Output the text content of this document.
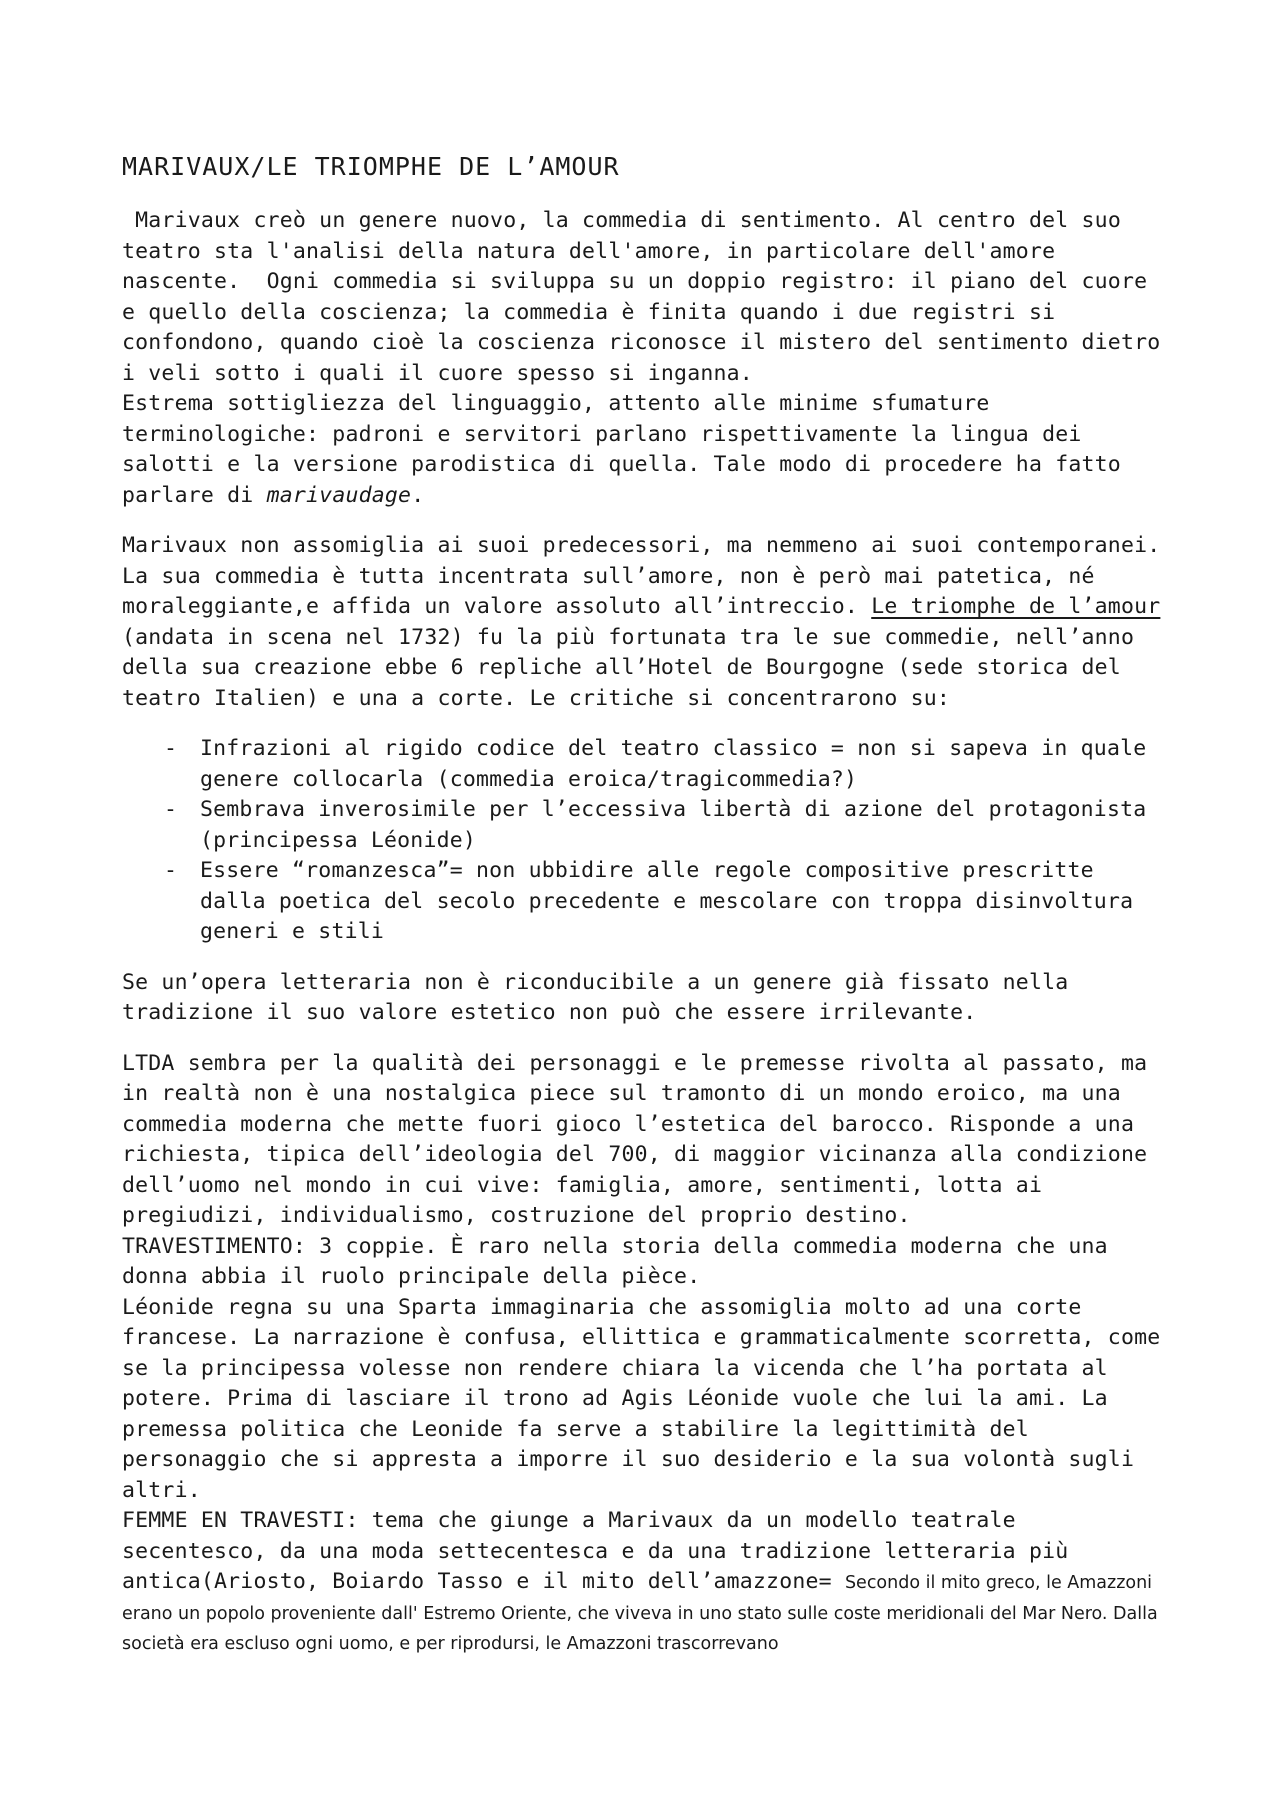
MARIVAUX/LE TRIOMPHE DE L’AMOUR

Marivaux creò un genere nuovo, la commedia di sentimento. Al centro del suo teatro sta l'analisi della natura dell'amore, in particolare dell'amore nascente.  Ogni commedia si sviluppa su un doppio registro: il piano del cuore e quello della coscienza; la commedia è finita quando i due registri si confondono, quando cioè la coscienza riconosce il mistero del sentimento dietro i veli sotto i quali il cuore spesso si inganna.
Estrema sottigliezza del linguaggio, attento alle minime sfumature terminologiche: padroni e servitori parlano rispettivamente la lingua dei salotti e la versione parodistica di quella. Tale modo di procedere ha fatto parlare di marivaudage.

Marivaux non assomiglia ai suoi predecessori, ma nemmeno ai suoi contemporanei.
La sua commedia è tutta incentrata sull’amore, non è però mai patetica, né moraleggiante,e affida un valore assoluto all’intreccio. Le triomphe de l’amour (andata in scena nel 1732) fu la più fortunata tra le sue commedie, nell’anno della sua creazione ebbe 6 repliche all’Hotel de Bourgogne (sede storica del teatro Italien) e una a corte. Le critiche si concentrarono su:

- Infrazioni al rigido codice del teatro classico = non si sapeva in quale genere collocarla (commedia eroica/tragicommedia?)
- Sembrava inverosimile per l’eccessiva libertà di azione del protagonista (principessa Léonide)
- Essere “romanzesca”= non ubbidire alle regole compositive prescritte dalla poetica del secolo precedente e mescolare con troppa disinvoltura generi e stili

Se un’opera letteraria non è riconducibile a un genere già fissato nella tradizione il suo valore estetico non può che essere irrilevante.

LTDA sembra per la qualità dei personaggi e le premesse rivolta al passato, ma in realtà non è una nostalgica piece sul tramonto di un mondo eroico, ma una commedia moderna che mette fuori gioco l’estetica del barocco. Risponde a una richiesta, tipica dell’ideologia del 700, di maggior vicinanza alla condizione dell’uomo nel mondo in cui vive: famiglia, amore, sentimenti, lotta ai pregiudizi, individualismo, costruzione del proprio destino.
TRAVESTIMENTO: 3 coppie. È raro nella storia della commedia moderna che una donna abbia il ruolo principale della pièce.
Léonide regna su una Sparta immaginaria che assomiglia molto ad una corte francese. La narrazione è confusa, ellittica e grammaticalmente scorretta, come se la principessa volesse non rendere chiara la vicenda che l’ha portata al potere. Prima di lasciare il trono ad Agis Léonide vuole che lui la ami. La premessa politica che Leonide fa serve a stabilire la legittimità del personaggio che si appresta a imporre il suo desiderio e la sua volontà sugli altri.
FEMME EN TRAVESTI: tema che giunge a Marivaux da un modello teatrale secentesco, da una moda settecentesca e da una tradizione letteraria più antica(Ariosto, Boiardo Tasso e il mito dell’amazzone= Secondo il mito greco, le Amazzoni erano un popolo proveniente dall' Estremo Oriente, che viveva in uno stato sulle coste meridionali del Mar Nero. Dalla società era escluso ogni uomo, e per riprodursi, le Amazzoni trascorrevano
